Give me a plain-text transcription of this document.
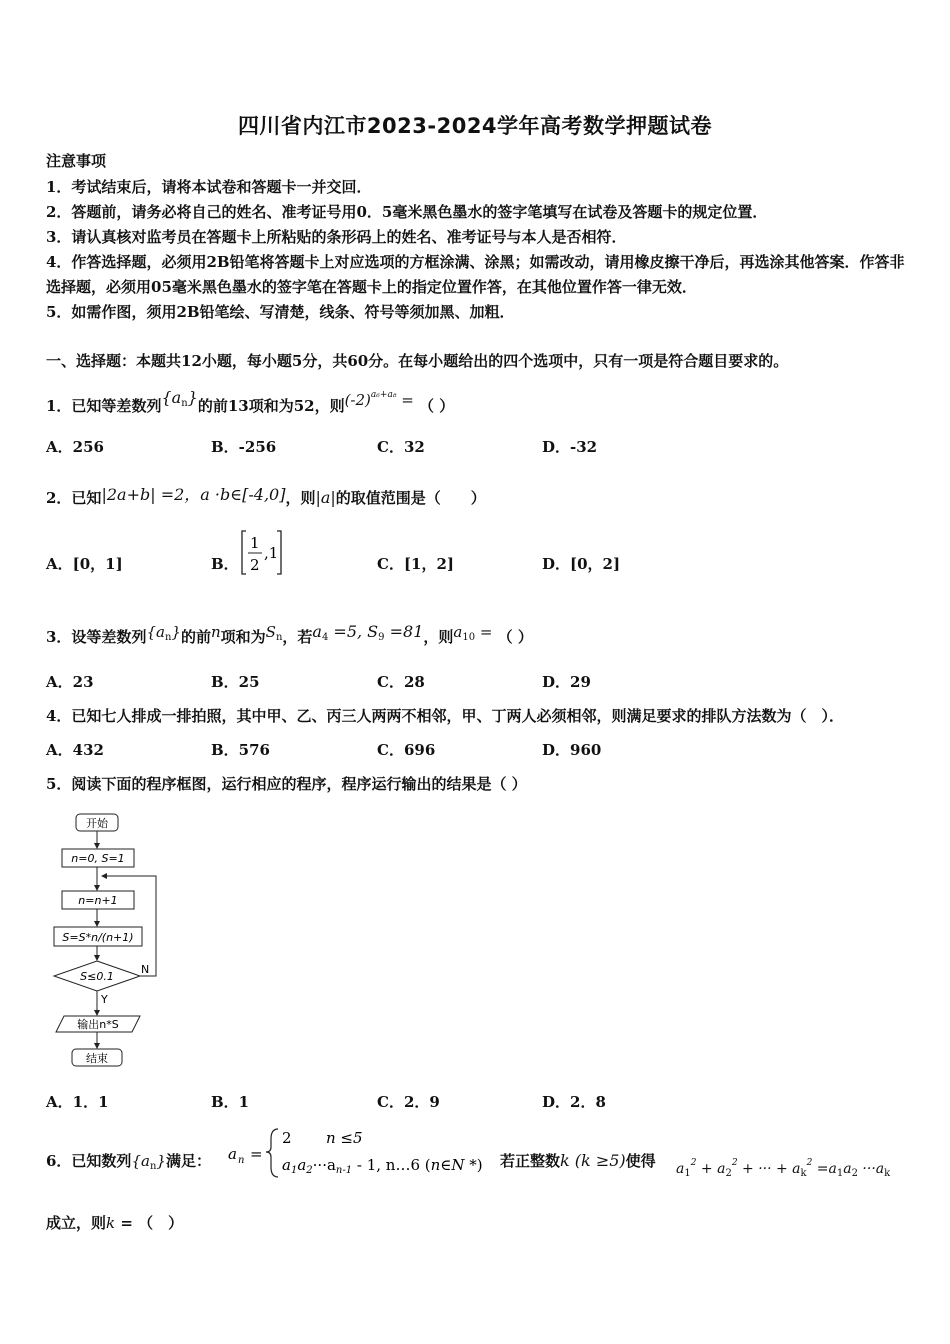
四川省内江市2023-2024学年高考数学押题试卷
注意事项
1．考试结束后，请将本试卷和答题卡一并交回．
2．答题前，请务必将自己的姓名、准考证号用0．5毫米黑色墨水的签字笔填写在试卷及答题卡的规定位置．
3．请认真核对监考员在答题卡上所粘贴的条形码上的姓名、准考证号与本人是否相符．
4．作答选择题，必须用2B铅笔将答题卡上对应选项的方框涂满、涂黑；如需改动，请用橡皮擦干净后，再选涂其他答案．作答非选择题，必须用05毫米黑色墨水的签字笔在答题卡上的指定位置作答，在其他位置作答一律无效．
5．如需作图，须用2B铅笔绘、写清楚，线条、符号等须加黑、加粗．
一、选择题：本题共12小题，每小题5分，共60分。在每小题给出的四个选项中，只有一项是符合题目要求的。
1．已知等差数列$\{a_n\}$的前13项和为52，则$(-2)^{a_6+a_8}$ = （ ）
A．256	B．-256	C．32	D．-32
2．已知|2a+b| =2，a ·b∈[-4,0]，则|a|的取值范围是（　　）
A．[0，1]	B．
1
2
,1
C．[1，2]	D．[0，2]
3．设等差数列$\{a_n\}$的前n项和为$S_n$，若$a_4 =5$, $S_9 =81$，则$a_{10}$ = （ ）
A．23	B．25	C．28	D．29
4．已知七人排成一排拍照，其中甲、乙、丙三人两两不相邻，甲、丁两人必须相邻，则满足要求的排队方法数为（　）．
A．432	B．576	C．696	D．960
5．阅读下面的程序框图，运行相应的程序，程序运行输出的结果是（ ）
开始
n=0, S=1
n=n+1
S=S*n/(n+1)
S≤0.1
N
Y
输出n*S
结束
A．1．1	B．1	C．2．9	D．2．8
6．已知数列$\{a_n\}$满足： a n =
2 n ≤5
$a_1a_2\cdot\cdot\cdot a_{n-1} - 1$, n…6 (n∈N *) 若正整数k (k ≥5)使得 $a_1^2 + a_2^2$ + ··· + $a_k^2 =a_1a_2 \cdot\cdot\cdot a_k$
成立，则k = （　）
